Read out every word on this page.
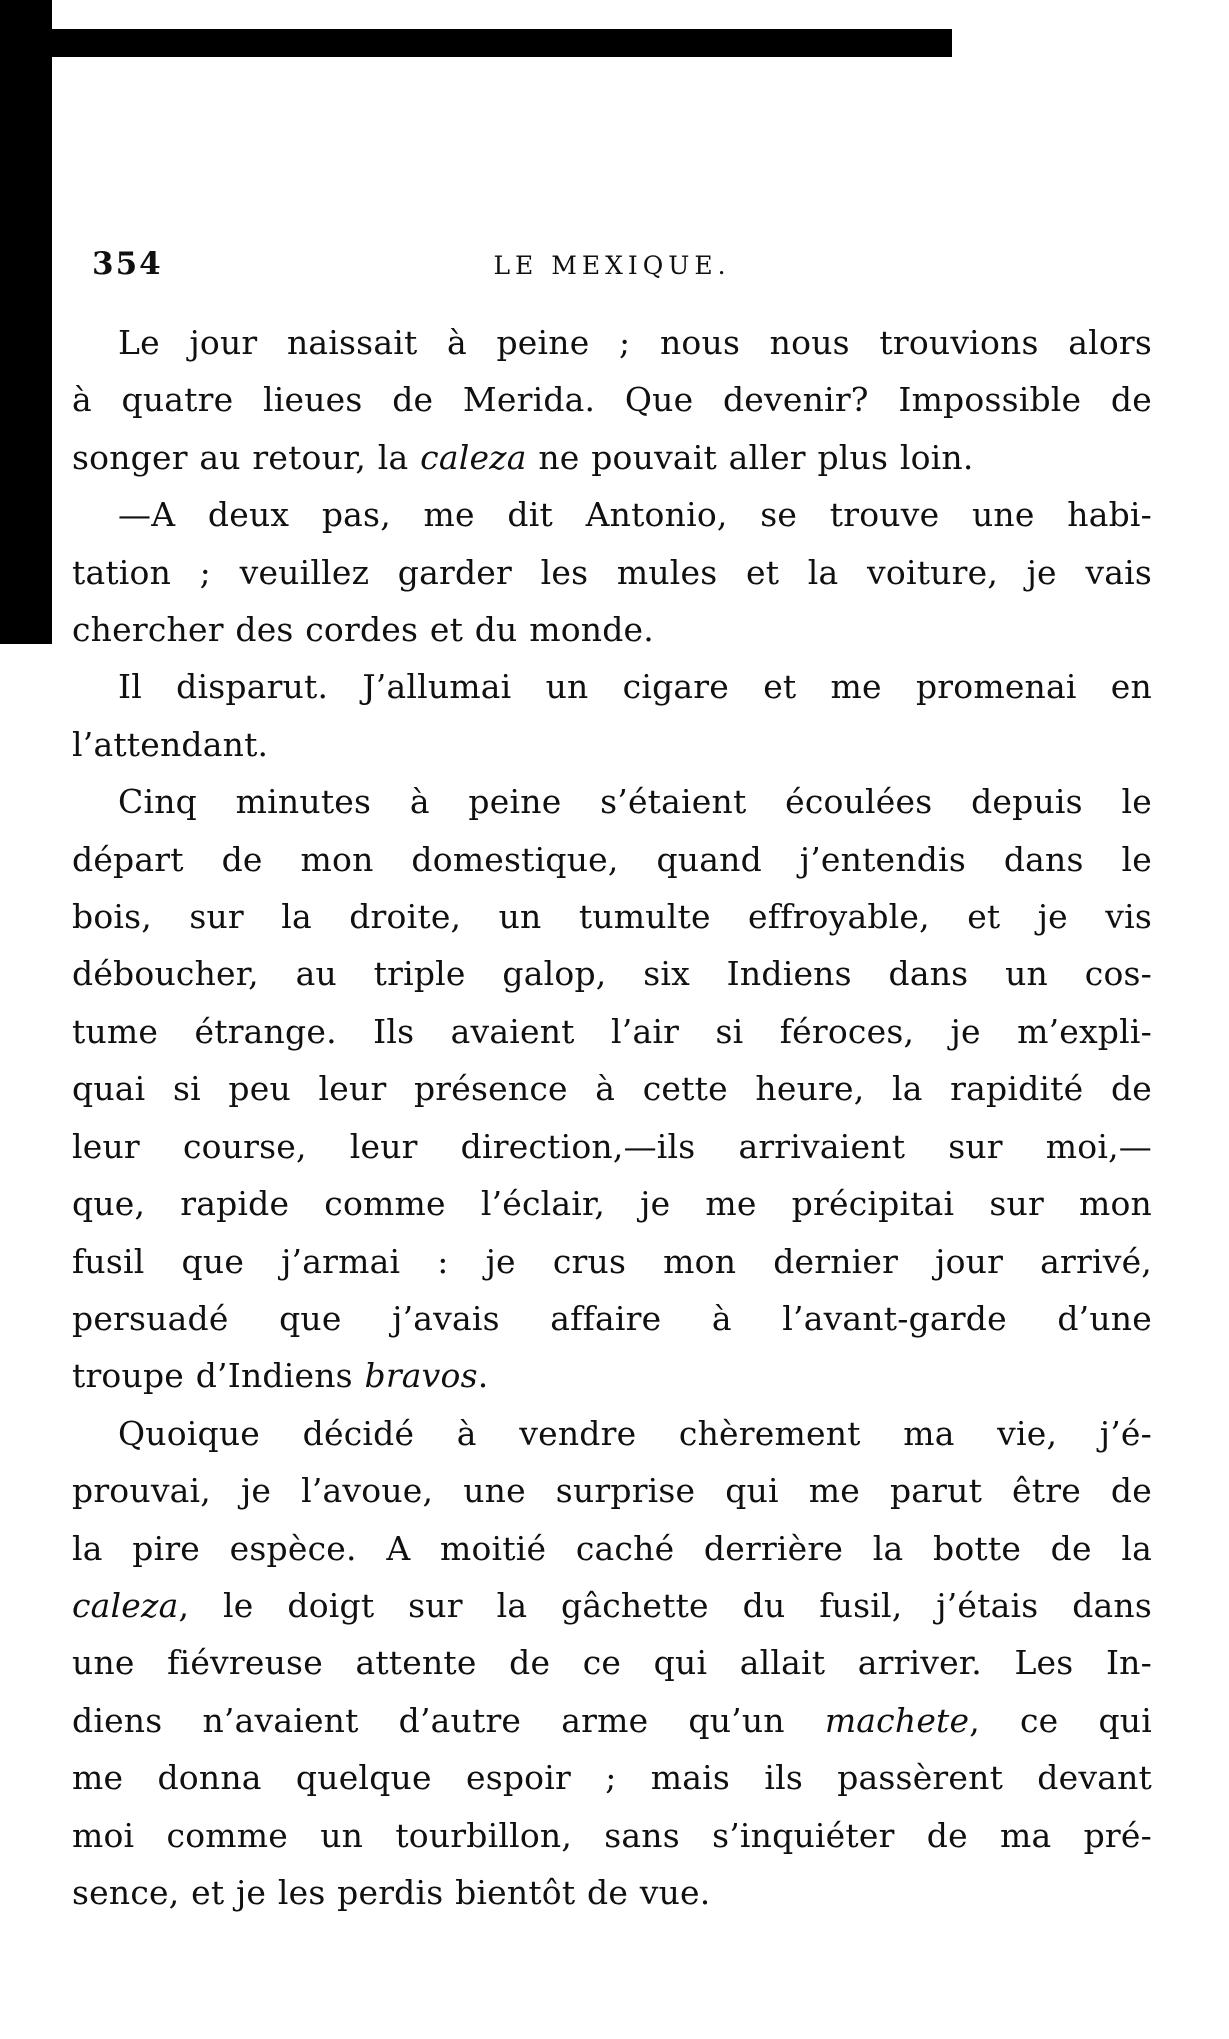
354	LE MEXIQUE.
Le jour naissait à peine ; nous nous trouvions alors
à quatre lieues de Merida. Que devenir? Impossible de
songer au retour, la caleza ne pouvait aller plus loin.
—A deux pas, me dit Antonio, se trouve une habi-
tation ; veuillez garder les mules et la voiture, je vais
chercher des cordes et du monde.
Il disparut. J’allumai un cigare et me promenai en
l’attendant.
Cinq minutes à peine s’étaient écoulées depuis le
départ de mon domestique, quand j’entendis dans le
bois, sur la droite, un tumulte effroyable, et je vis
déboucher, au triple galop, six Indiens dans un cos-
tume étrange. Ils avaient l’air si féroces, je m’expli-
quai si peu leur présence à cette heure, la rapidité de
leur course, leur direction,—ils arrivaient sur moi,—
que, rapide comme l’éclair, je me précipitai sur mon
fusil que j’armai : je crus mon dernier jour arrivé,
persuadé que j’avais affaire à l’avant-garde d’une
troupe d’Indiens bravos.
Quoique décidé à vendre chèrement ma vie, j’é-
prouvai, je l’avoue, une surprise qui me parut être de
la pire espèce. A moitié caché derrière la botte de la
caleza, le doigt sur la gâchette du fusil, j’étais dans
une fiévreuse attente de ce qui allait arriver. Les In-
diens n’avaient d’autre arme qu’un machete, ce qui
me donna quelque espoir ; mais ils passèrent devant
moi comme un tourbillon, sans s’inquiéter de ma pré-
sence, et je les perdis bientôt de vue.
